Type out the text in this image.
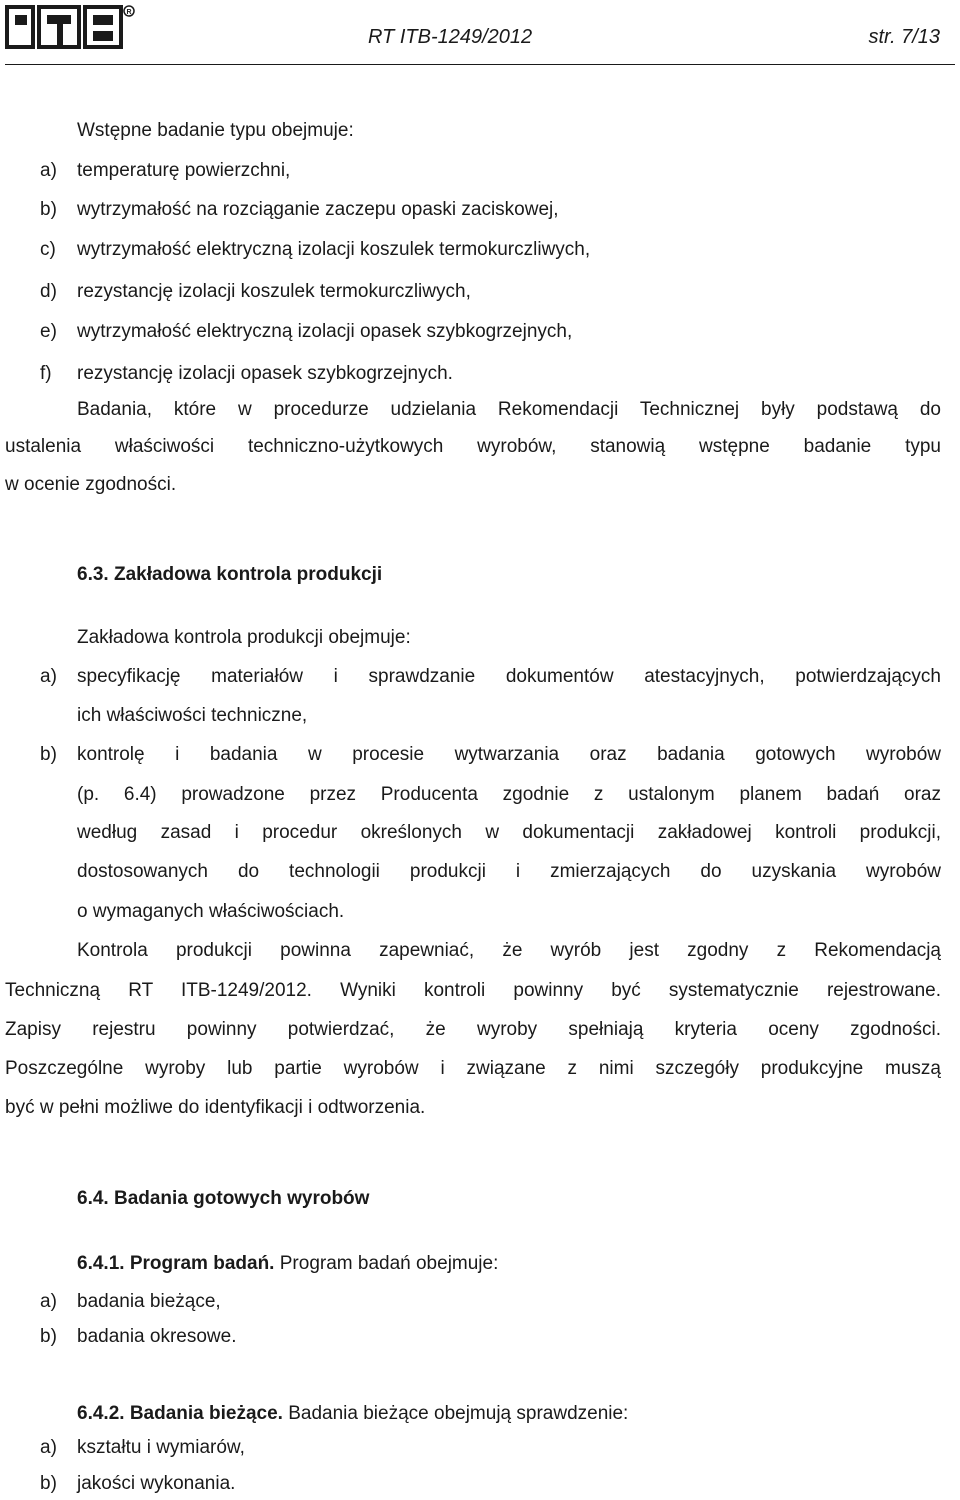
R
RT ITB-1249/2012	str. 7/13
Wstępne badanie typu obejmuje:
a) temperaturę powierzchni,
b) wytrzymałość na rozciąganie zaczepu opaski zaciskowej,
c) wytrzymałość elektryczną izolacji koszulek termokurczliwych,
d) rezystancję izolacji koszulek termokurczliwych,
e) wytrzymałość elektryczną izolacji opasek szybkogrzejnych,
f) rezystancję izolacji opasek szybkogrzejnych.
Badania, które w procedurze udzielania Rekomendacji Technicznej były podstawą do
ustalenia właściwości techniczno-użytkowych wyrobów, stanowią wstępne badanie typu
w ocenie zgodności.
6.3. Zakładowa kontrola produkcji
Zakładowa kontrola produkcji obejmuje:
a) specyfikację materiałów i sprawdzanie dokumentów atestacyjnych, potwierdzających
ich właściwości techniczne,
b) kontrolę i badania w procesie wytwarzania oraz badania gotowych wyrobów
(p. 6.4) prowadzone przez Producenta zgodnie z ustalonym planem badań oraz
według zasad i procedur określonych w dokumentacji zakładowej kontroli produkcji,
dostosowanych do technologii produkcji i zmierzających do uzyskania wyrobów
o wymaganych właściwościach.
Kontrola produkcji powinna zapewniać, że wyrób jest zgodny z Rekomendacją
Techniczną RT ITB-1249/2012. Wyniki kontroli powinny być systematycznie rejestrowane.
Zapisy rejestru powinny potwierdzać, że wyroby spełniają kryteria oceny zgodności.
Poszczególne wyroby lub partie wyrobów i związane z nimi szczegóły produkcyjne muszą
być w pełni możliwe do identyfikacji i odtworzenia.
6.4. Badania gotowych wyrobów
6.4.1. Program badań. Program badań obejmuje:
a) badania bieżące,
b) badania okresowe.
6.4.2. Badania bieżące. Badania bieżące obejmują sprawdzenie:
a) kształtu i wymiarów,
b) jakości wykonania.
